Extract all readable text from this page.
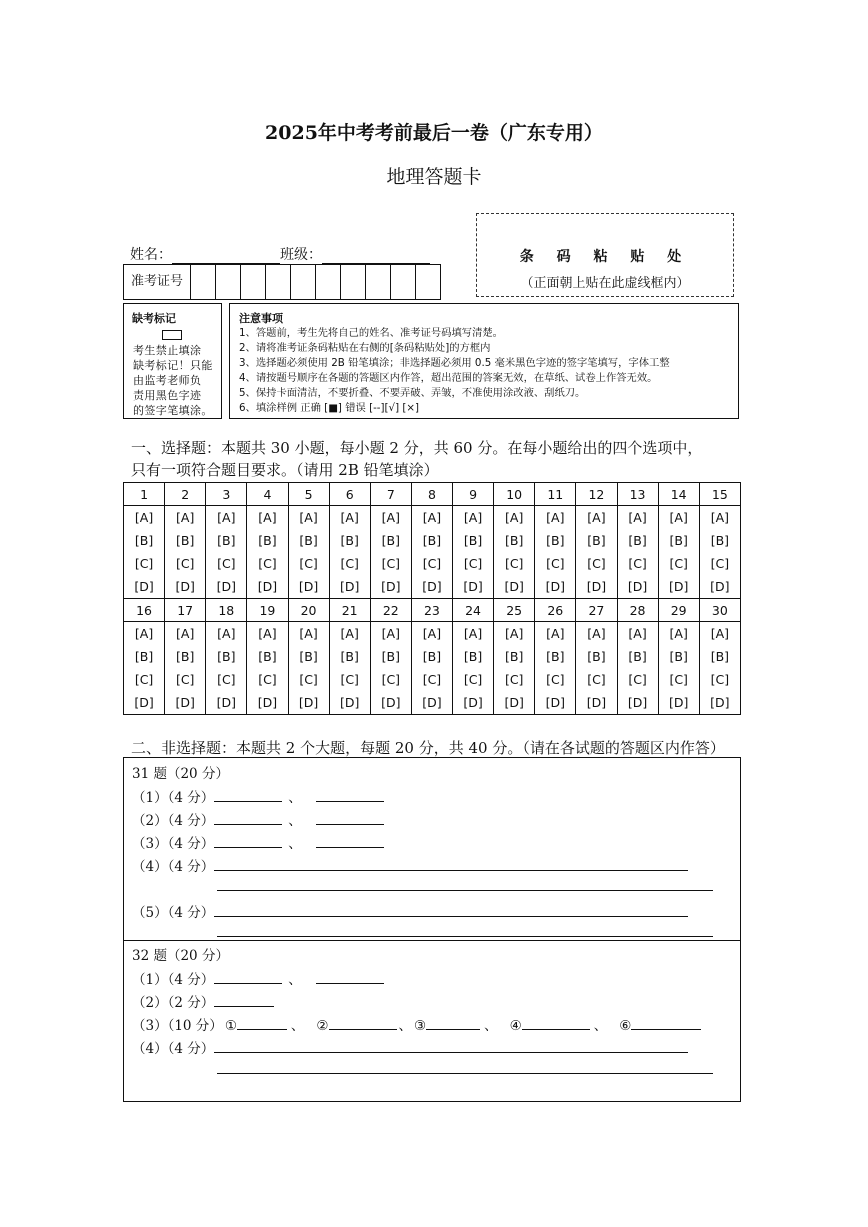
2025年中考考前最后一卷（广东专用）
地理答题卡
姓名：	班级：
准考证号
条 码 粘 贴 处
（正面朝上贴在此虚线框内）
缺考标记
考生禁止填涂
缺考标记！只能
由监考老师负
责用黑色字迹
的签字笔填涂。
注意事项
1、答题前，考生先将自己的姓名、准考证号码填写清楚。
2、请将准考证条码粘贴在右侧的[条码粘贴处]的方框内
3、选择题必须使用 2B 铅笔填涂；非选择题必须用 0.5 毫米黑色字迹的签字笔填写，字体工整
4、请按题号顺序在各题的答题区内作答，超出范围的答案无效，在草纸、试卷上作答无效。
5、保持卡面清洁，不要折叠、不要弄破、弄皱，不准使用涂改液、刮纸刀。
6、填涂样例 正确 [■] 错误 [--][√] [×]
一、选择题：本题共 30 小题，每小题 2 分，共 60 分。在每小题给出的四个选项中，
只有一项符合题目要求。（请用 2B 铅笔填涂）
1	2	3	4	5	6	7	8	9	10	11	12	13	14	15
[A]	[A]	[A]	[A]	[A]	[A]	[A]	[A]	[A]	[A]	[A]	[A]	[A]	[A]	[A]
[B]	[B]	[B]	[B]	[B]	[B]	[B]	[B]	[B]	[B]	[B]	[B]	[B]	[B]	[B]
[C]	[C]	[C]	[C]	[C]	[C]	[C]	[C]	[C]	[C]	[C]	[C]	[C]	[C]	[C]
[D]	[D]	[D]	[D]	[D]	[D]	[D]	[D]	[D]	[D]	[D]	[D]	[D]	[D]	[D]
16	17	18	19	20	21	22	23	24	25	26	27	28	29	30
[A]	[A]	[A]	[A]	[A]	[A]	[A]	[A]	[A]	[A]	[A]	[A]	[A]	[A]	[A]
[B]	[B]	[B]	[B]	[B]	[B]	[B]	[B]	[B]	[B]	[B]	[B]	[B]	[B]	[B]
[C]	[C]	[C]	[C]	[C]	[C]	[C]	[C]	[C]	[C]	[C]	[C]	[C]	[C]	[C]
[D]	[D]	[D]	[D]	[D]	[D]	[D]	[D]	[D]	[D]	[D]	[D]	[D]	[D]	[D]
二、非选择题：本题共 2 个大题，每题 20 分，共 40 分。（请在各试题的答题区内作答）
31 题（20 分）
（1）（4 分）	、
（2）（4 分）	、
（3）（4 分）	、
（4）（4 分）
（5）（4 分）
32 题（20 分）
（1）（4 分）	、
（2）（2 分）
（3）（10 分） ①	、 ②	、 ③	、 ④	、 ⑥
（4）（4 分）
